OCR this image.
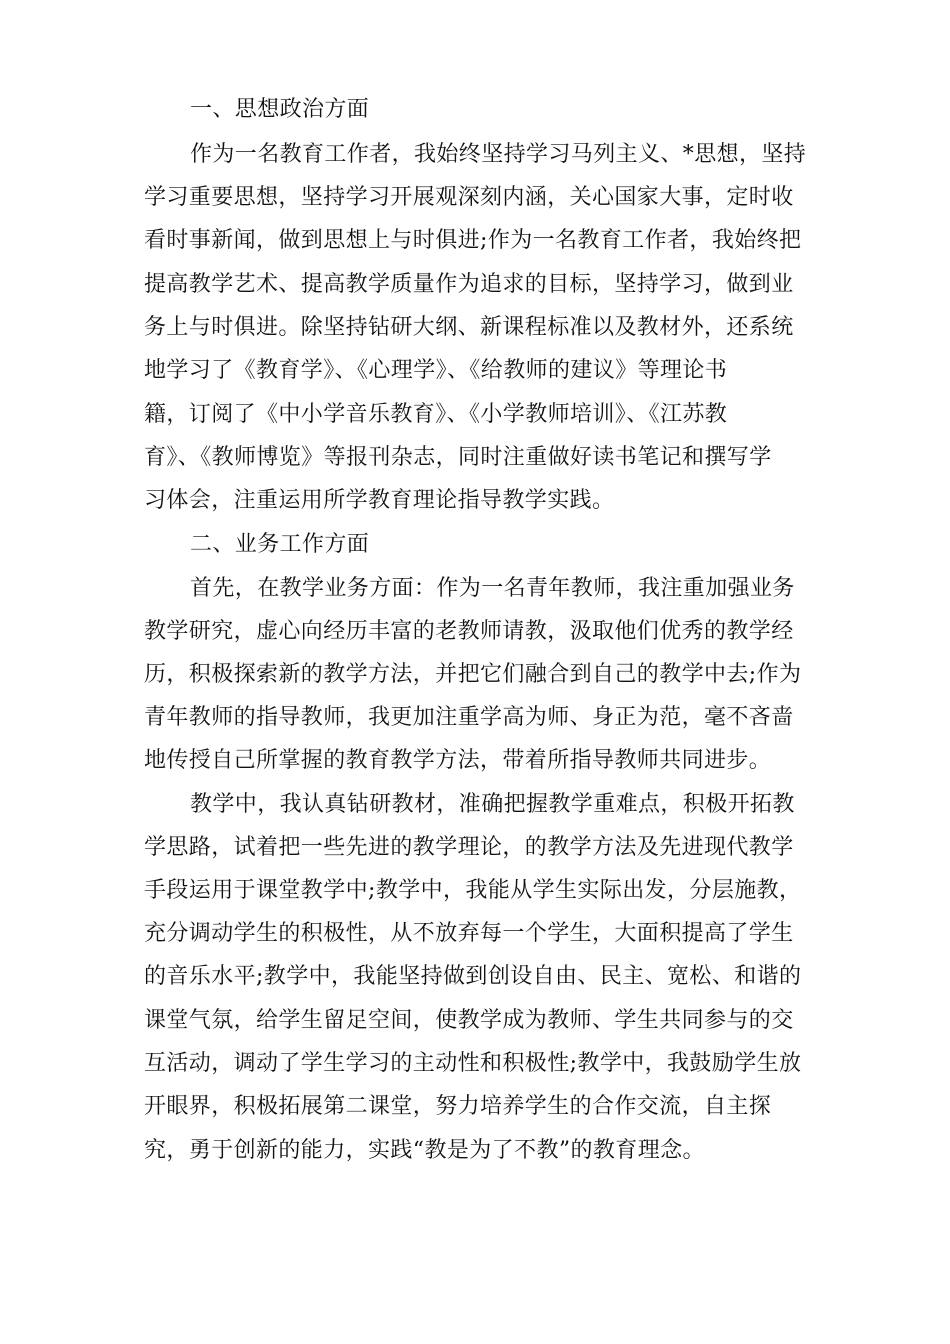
一、思想政治方面
作为一名教育工作者，我始终坚持学习马列主义、*思想，坚持
学习重要思想，坚持学习开展观深刻内涵，关心国家大事，定时收
看时事新闻，做到思想上与时俱进;作为一名教育工作者，我始终把
提高教学艺术、提高教学质量作为追求的目标，坚持学习，做到业
务上与时俱进。除坚持钻研大纲、新课程标准以及教材外，还系统
地学习了《教育学》、《心理学》、《给教师的建议》等理论书
籍，订阅了《中小学音乐教育》、《小学教师培训》、《江苏教
育》、《教师博览》等报刊杂志，同时注重做好读书笔记和撰写学
习体会，注重运用所学教育理论指导教学实践。
二、业务工作方面
首先，在教学业务方面：作为一名青年教师，我注重加强业务
教学研究，虚心向经历丰富的老教师请教，汲取他们优秀的教学经
历，积极探索新的教学方法，并把它们融合到自己的教学中去;作为
青年教师的指导教师，我更加注重学高为师、身正为范，毫不吝啬
地传授自己所掌握的教育教学方法，带着所指导教师共同进步。
教学中，我认真钻研教材，准确把握教学重难点，积极开拓教
学思路，试着把一些先进的教学理论，的教学方法及先进现代教学
手段运用于课堂教学中;教学中，我能从学生实际出发，分层施教，
充分调动学生的积极性，从不放弃每一个学生，大面积提高了学生
的音乐水平;教学中，我能坚持做到创设自由、民主、宽松、和谐的
课堂气氛，给学生留足空间，使教学成为教师、学生共同参与的交
互活动，调动了学生学习的主动性和积极性;教学中，我鼓励学生放
开眼界，积极拓展第二课堂，努力培养学生的合作交流，自主探
究，勇于创新的能力，实践“教是为了不教”的教育理念。
